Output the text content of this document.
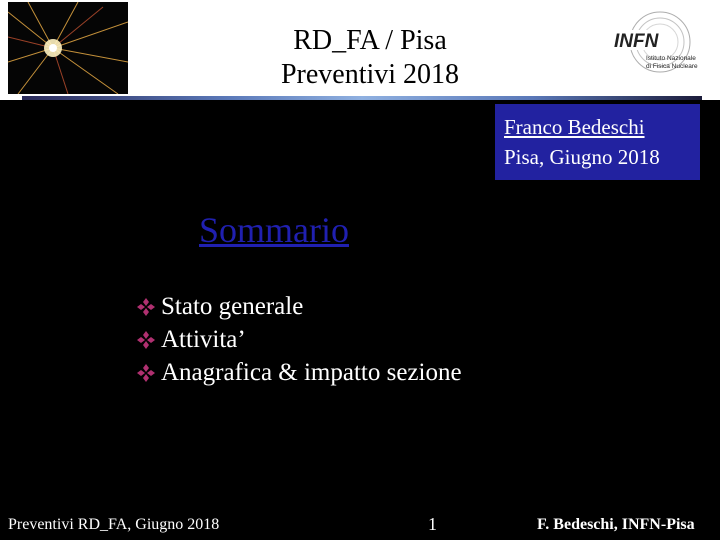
RD_FA / Pisa
Preventivi 2018
INFN
Istituto Nazionale
di Fisica Nucleare
Franco Bedeschi
Pisa, Giugno 2018
Sommario
Stato generale
Attivita’
Anagrafica & impatto sezione
Preventivi RD_FA, Giugno 2018	1	F. Bedeschi, INFN-Pisa
